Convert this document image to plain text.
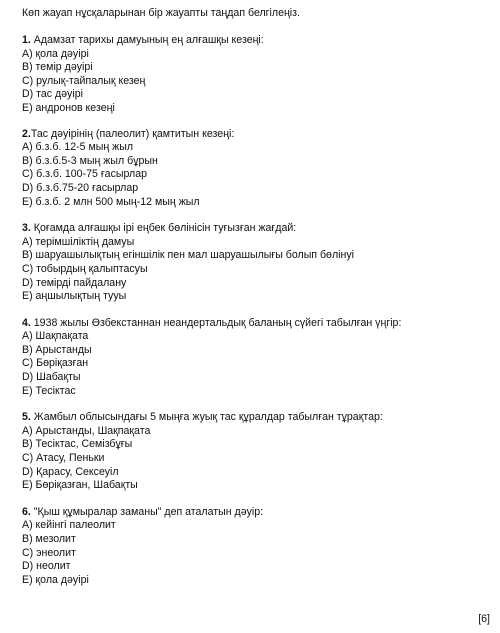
Көп жауап нұсқаларынан бір жауапты таңдап белгілеңіз.

1. Адамзат тарихы дамуының ең алғашқы кезеңі:

A) қола дәуірі

B) темір дәуірі

C) рулық-тайпалық кезең

D) тас дәуірі

E) андронов кезеңі

2.Тас дәуірінің (палеолит) қамтитын кезеңі:

A) б.з.б. 12-5 мың жыл

B) б.з.б.5-3 мың жыл бұрын

C) б.з.б. 100-75 ғасырлар

D) б.з.б.75-20 ғасырлар

E) б.з.б. 2 млн 500 мың-12 мың жыл

3. Қоғамда алғашқы ірі еңбек бөлінісін туғызған жағдай:

A) терімшіліктің дамуы

B) шаруашылықтың егіншілік пен мал шаруашылығы болып бөлінуі

C) тобырдың қалыптасуы

D) темірді пайдалану

E) аңшылықтың тууы

4. 1938 жылы Өзбекстаннан неандертальдық баланың сүйегі табылған үңгір:

A) Шақпақата

B) Арыстанды

C) Бөріқазған

D) Шабақты

E) Тесіктас

5. Жамбыл облысындағы 5 мыңға жуық тас құралдар табылған тұрақтар:

A) Арыстанды, Шақпақата

B) Тесіктас, Семізбұғы

C) Атасу, Пеньки

D) Қарасу, Сексеуіл

E) Бөріқазған, Шабақты

6. "Қыш құмыралар заманы" деп аталатын дәуір:

A) кейінгі палеолит

B) мезолит

C) энеолит

D) неолит

E) қола дәуірі

[6]
